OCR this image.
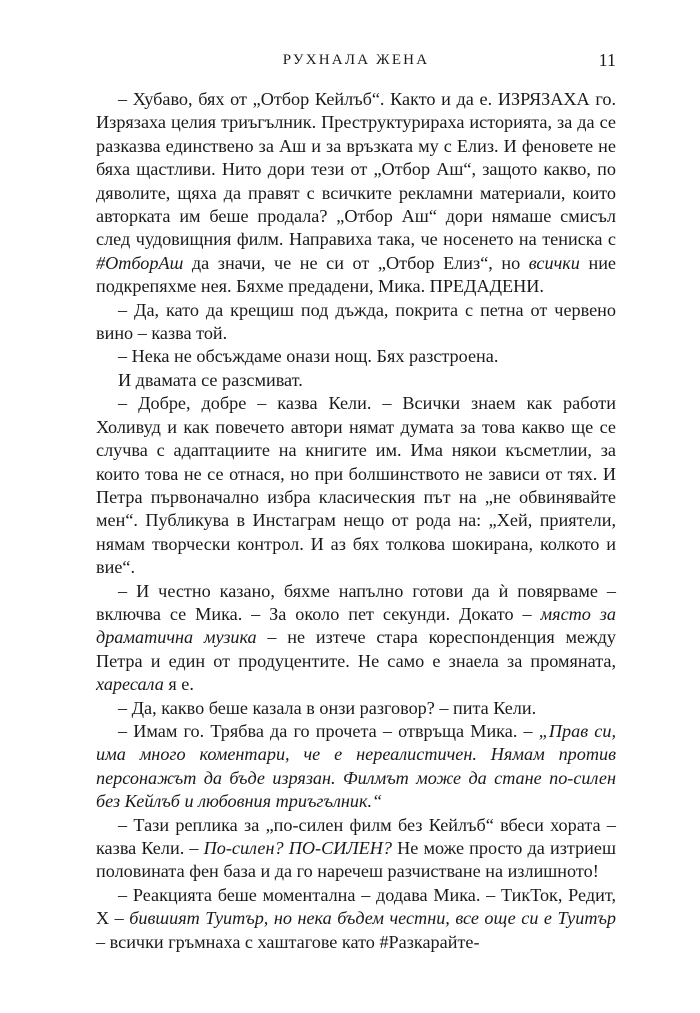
РУХНАЛА ЖЕНА	11

– Хубаво, бях от „Отбор Кейлъб“. Както и да е. ИЗРЯЗАХА го. Изрязаха целия триъгълник. Преструктурираха историята, за да се разказва единствено за Аш и за връзката му с Елиз. И феновете не бяха щастливи. Нито дори тези от „Отбор Аш“, защото какво, по дяволите, щяха да правят с всичките рекламни материали, които авторката им беше продала? „Отбор Аш“ дори нямаше смисъл след чудовищния филм. Направиха така, че носенето на тениска с #ОтборАш да значи, че не си от „Отбор Елиз“, но всички ние подкрепяхме нея. Бяхме предадени, Мика. ПРЕДАДЕНИ.

– Да, като да крещиш под дъжда, покрита с петна от червено вино – казва той.

– Нека не обсъждаме онази нощ. Бях разстроена.

И двамата се разсмиват.

– Добре, добре – казва Кели. – Всички знаем как работи Холивуд и как повечето автори нямат думата за това какво ще се случва с адаптациите на книгите им. Има някои късметлии, за които това не се отнася, но при болшинството не зависи от тях. И Петра първоначално избра класическия път на „не обвинявайте мен“. Публикува в Инстаграм нещо от рода на: „Хей, приятели, нямам творчески контрол. И аз бях толкова шокирана, колкото и вие“.

– И честно казано, бяхме напълно готови да ѝ повярваме – включва се Мика. – За около пет секунди. Докато – място за драматична музика – не изтече стара кореспонденция между Петра и един от продуцентите. Не само е знаела за промяната, харесала я е.

– Да, какво беше казала в онзи разговор? – пита Кели.

– Имам го. Трябва да го прочета – отвръща Мика. – „Прав си, има много коментари, че е нереалистичен. Нямам против персонажът да бъде изрязан. Филмът може да стане по-силен без Кейлъб и любовния триъгълник.“

– Тази реплика за „по-силен филм без Кейлъб“ вбеси хората – казва Кели. – По-силен? ПО-СИЛЕН? Не може просто да изтриеш половината фен база и да го наречеш разчистване на излишното!

– Реакцията беше моментална – додава Мика. – ТикТок, Редит, Х – бившият Туитър, но нека бъдем честни, все още си е Туитър – всички гръмнаха с хаштагове като #Разкарайте-
